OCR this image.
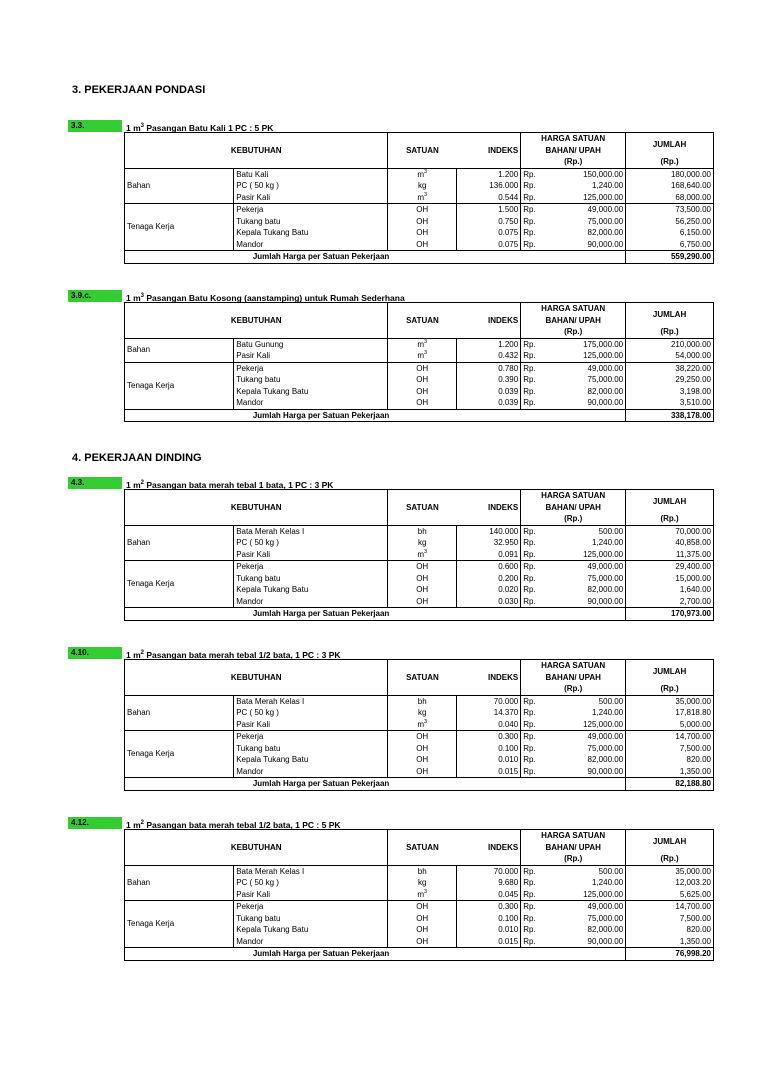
3. PEKERJAAN PONDASI
4. PEKERJAAN DINDING
3.3.	1 $m^3$ Pasangan Batu Kali 1 PC : 5 PK
KEBUTUHAN		SATUAN	INDEKS	HARGA SATUAN		JUMLAH
				BAHAN/ UPAH		
				(Rp.)		(Rp.)
Bahan	Batu Kali	$m^3$	1.200	Rp.	150,000.00	180,000.00
	PC ( 50 kg )	kg	136.000	Rp.	1,240.00	168,640.00
	Pasir Kali	$m^3$	0.544	Rp.	125,000.00	68,000.00
Tenaga Kerja	Pekerja	OH	1.500	Rp.	49,000.00	73,500.00
	Tukang batu	OH	0.750	Rp.	75,000.00	56,250.00
	Kepala Tukang Batu	OH	0.075	Rp.	82,000.00	6,150.00
	Mandor	OH	0.075	Rp.	90,000.00	6,750.00
Jumlah Harga per Satuan Pekerjaan						559,290.00
3.9.c.	1 $m^3$ Pasangan Batu Kosong (aanstamping) untuk Rumah Sederhana
KEBUTUHAN		SATUAN	INDEKS	HARGA SATUAN		JUMLAH
				BAHAN/ UPAH		
				(Rp.)		(Rp.)
Bahan	Batu Gunung	$m^3$	1.200	Rp.	175,000.00	210,000.00
	Pasir Kali	$m^3$	0.432	Rp.	125,000.00	54,000.00
Tenaga Kerja	Pekerja	OH	0.780	Rp.	49,000.00	38,220.00
	Tukang batu	OH	0.390	Rp.	75,000.00	29,250.00
	Kepala Tukang Batu	OH	0.039	Rp.	82,000.00	3,198.00
	Mandor	OH	0.039	Rp.	90,000.00	3,510.00
Jumlah Harga per Satuan Pekerjaan						338,178.00
4.3.	1 $m^2$ Pasangan bata merah tebal 1 bata, 1 PC : 3 PK
KEBUTUHAN		SATUAN	INDEKS	HARGA SATUAN		JUMLAH
				BAHAN/ UPAH		
				(Rp.)		(Rp.)
Bahan	Bata Merah Kelas I	bh	140.000	Rp.	500.00	70,000.00
	PC ( 50 kg )	kg	32.950	Rp.	1,240.00	40,858.00
	Pasir Kali	$m^3$	0.091	Rp.	125,000.00	11,375.00
Tenaga Kerja	Pekerja	OH	0.600	Rp.	49,000.00	29,400.00
	Tukang batu	OH	0.200	Rp.	75,000.00	15,000.00
	Kepala Tukang Batu	OH	0.020	Rp.	82,000.00	1,640.00
	Mandor	OH	0.030	Rp.	90,000.00	2,700.00
Jumlah Harga per Satuan Pekerjaan						170,973.00
4.10.	1 $m^2$ Pasangan bata merah tebal 1/2 bata, 1 PC : 3 PK
KEBUTUHAN		SATUAN	INDEKS	HARGA SATUAN		JUMLAH
				BAHAN/ UPAH		
				(Rp.)		(Rp.)
Bahan	Bata Merah Kelas I	bh	70.000	Rp.	500.00	35,000.00
	PC ( 50 kg )	kg	14.370	Rp.	1,240.00	17,818.80
	Pasir Kali	$m^3$	0.040	Rp.	125,000.00	5,000.00
Tenaga Kerja	Pekerja	OH	0.300	Rp.	49,000.00	14,700.00
	Tukang batu	OH	0.100	Rp.	75,000.00	7,500.00
	Kepala Tukang Batu	OH	0.010	Rp.	82,000.00	820.00
	Mandor	OH	0.015	Rp.	90,000.00	1,350.00
Jumlah Harga per Satuan Pekerjaan						82,188.80
4.12.	1 $m^2$ Pasangan bata merah tebal 1/2 bata, 1 PC : 5 PK
KEBUTUHAN		SATUAN	INDEKS	HARGA SATUAN		JUMLAH
				BAHAN/ UPAH		
				(Rp.)		(Rp.)
Bahan	Bata Merah Kelas I	bh	70.000	Rp.	500.00	35,000.00
	PC ( 50 kg )	kg	9.680	Rp.	1,240.00	12,003.20
	Pasir Kali	$m^3$	0.045	Rp.	125,000.00	5,625.00
Tenaga Kerja	Pekerja	OH	0.300	Rp.	49,000.00	14,700.00
	Tukang batu	OH	0.100	Rp.	75,000.00	7,500.00
	Kepala Tukang Batu	OH	0.010	Rp.	82,000.00	820.00
	Mandor	OH	0.015	Rp.	90,000.00	1,350.00
Jumlah Harga per Satuan Pekerjaan						76,998.20
